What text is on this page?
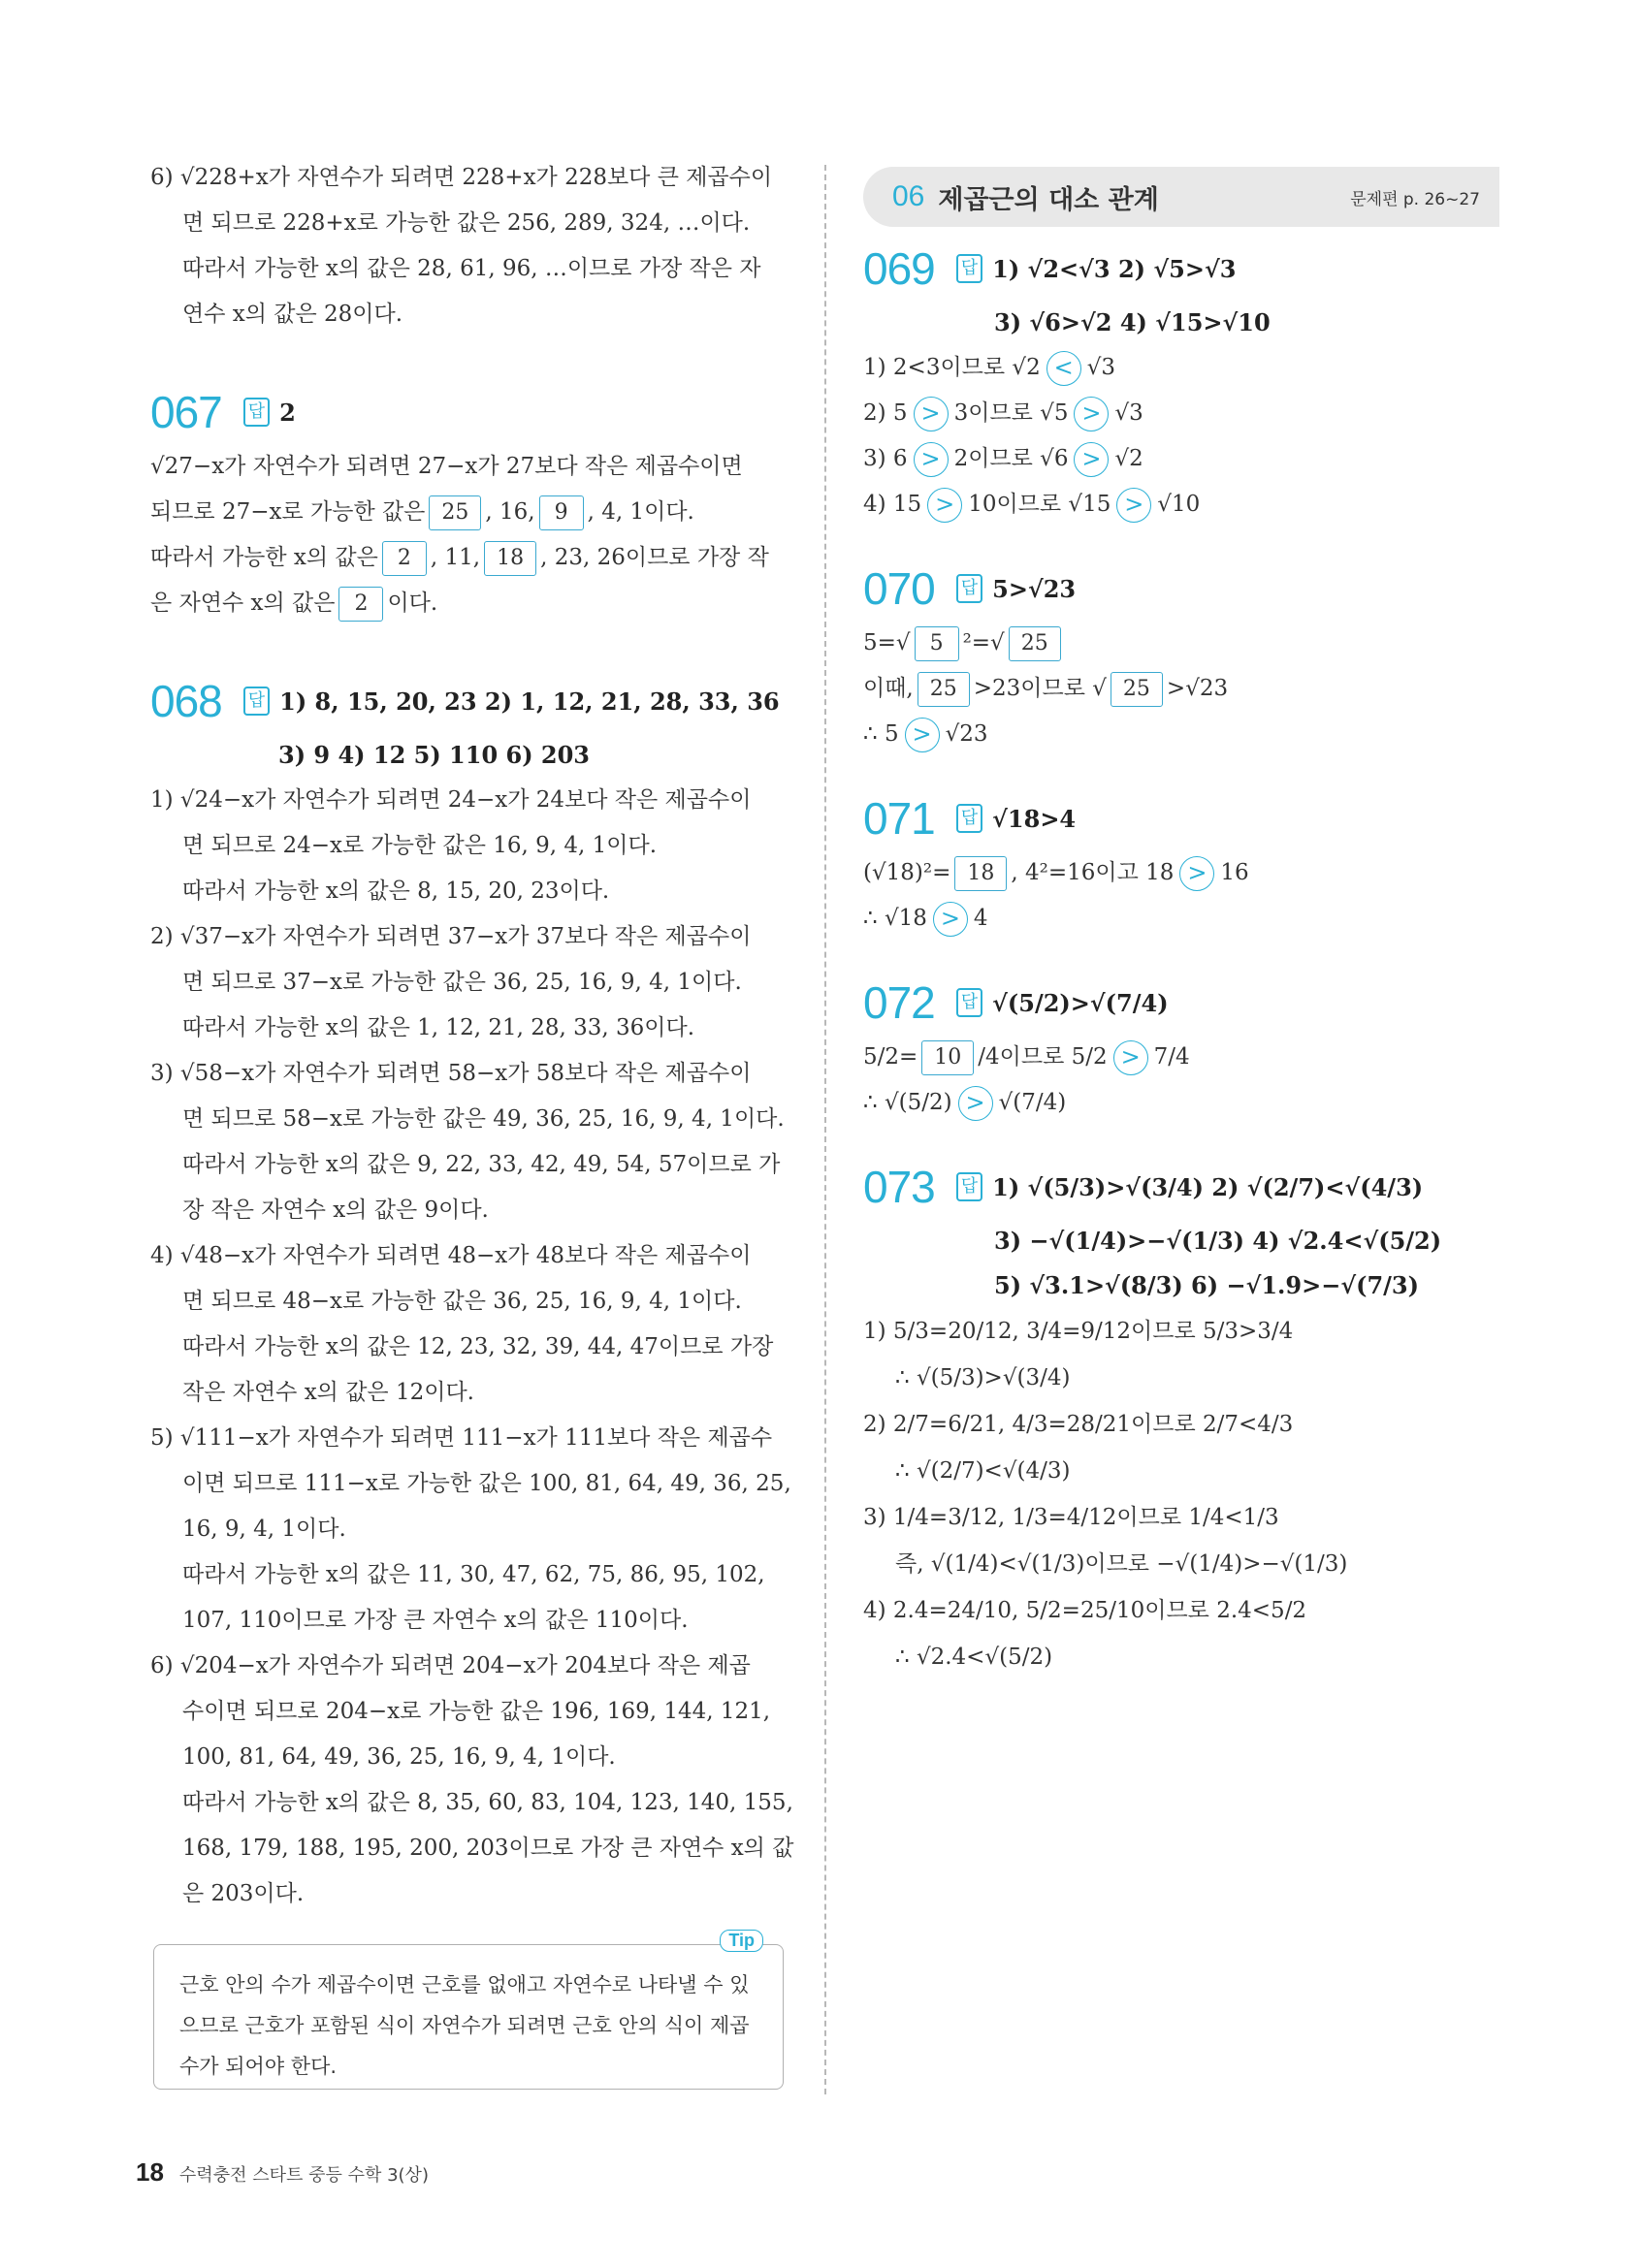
6) √228+x가 자연수가 되려면 228+x가 228보다 큰 제곱수이
면 되므로 228+x로 가능한 값은 256, 289, 324, …이다.
따라서 가능한 x의 값은 28, 61, 96, …이므로 가장 작은 자
연수 x의 값은 28이다.
067 답 2
√27−x가 자연수가 되려면 27−x가 27보다 작은 제곱수이면
되므로 27−x로 가능한 값은 25 , 16, 9 , 4, 1이다.
따라서 가능한 x의 값은 2 , 11, 18 , 23, 26이므로 가장 작
은 자연수 x의 값은 2 이다.
068 답 1) 8, 15, 20, 23 2) 1, 12, 21, 28, 33, 36
3) 9 4) 12 5) 110 6) 203
1) √24−x가 자연수가 되려면 24−x가 24보다 작은 제곱수이
면 되므로 24−x로 가능한 값은 16, 9, 4, 1이다.
따라서 가능한 x의 값은 8, 15, 20, 23이다.
2) √37−x가 자연수가 되려면 37−x가 37보다 작은 제곱수이
면 되므로 37−x로 가능한 값은 36, 25, 16, 9, 4, 1이다.
따라서 가능한 x의 값은 1, 12, 21, 28, 33, 36이다.
3) √58−x가 자연수가 되려면 58−x가 58보다 작은 제곱수이
면 되므로 58−x로 가능한 값은 49, 36, 25, 16, 9, 4, 1이다.
따라서 가능한 x의 값은 9, 22, 33, 42, 49, 54, 57이므로 가
장 작은 자연수 x의 값은 9이다.
4) √48−x가 자연수가 되려면 48−x가 48보다 작은 제곱수이
면 되므로 48−x로 가능한 값은 36, 25, 16, 9, 4, 1이다.
따라서 가능한 x의 값은 12, 23, 32, 39, 44, 47이므로 가장
작은 자연수 x의 값은 12이다.
5) √111−x가 자연수가 되려면 111−x가 111보다 작은 제곱수
이면 되므로 111−x로 가능한 값은 100, 81, 64, 49, 36, 25,
16, 9, 4, 1이다.
따라서 가능한 x의 값은 11, 30, 47, 62, 75, 86, 95, 102,
107, 110이므로 가장 큰 자연수 x의 값은 110이다.
6) √204−x가 자연수가 되려면 204−x가 204보다 작은 제곱
수이면 되므로 204−x로 가능한 값은 196, 169, 144, 121,
100, 81, 64, 49, 36, 25, 16, 9, 4, 1이다.
따라서 가능한 x의 값은 8, 35, 60, 83, 104, 123, 140, 155,
168, 179, 188, 195, 200, 203이므로 가장 큰 자연수 x의 값
은 203이다.
Tip
근호 안의 수가 제곱수이면 근호를 없애고 자연수로 나타낼 수 있
으므로 근호가 포함된 식이 자연수가 되려면 근호 안의 식이 제곱
수가 되어야 한다.
06 제곱근의 대소 관계	문제편 p. 26~27
069 답 1) √2<√3 2) √5>√3
3) √6>√2 4) √15>√10
1) 2<3이므로 √2 < √3
2) 5 > 3이므로 √5 > √3
3) 6 > 2이므로 √6 > √2
4) 15 > 10이므로 √15 > √10
070 답 5>√23
5=√ 5 ²=√ 25
이때, 25 >23이므로 √ 25 >√23
∴ 5 > √23
071 답 √18>4
(√18)²= 18 , 4²=16이고 18 > 16
∴ √18 > 4
072 답 √(5/2)>√(7/4)
5/2= 10 /4이므로 5/2 > 7/4
∴ √(5/2) > √(7/4)
073 답 1) √(5/3)>√(3/4) 2) √(2/7)<√(4/3)
3) −√(1/4)>−√(1/3) 4) √2.4<√(5/2)
5) √3.1>√(8/3) 6) −√1.9>−√(7/3)
1) 5/3=20/12, 3/4=9/12이므로 5/3>3/4
∴ √(5/3)>√(3/4)
2) 2/7=6/21, 4/3=28/21이므로 2/7<4/3
∴ √(2/7)<√(4/3)
3) 1/4=3/12, 1/3=4/12이므로 1/4<1/3
즉, √(1/4)<√(1/3)이므로 −√(1/4)>−√(1/3)
4) 2.4=24/10, 5/2=25/10이므로 2.4<5/2
∴ √2.4<√(5/2)
18 수력충전 스타트 중등 수학 3(상)
